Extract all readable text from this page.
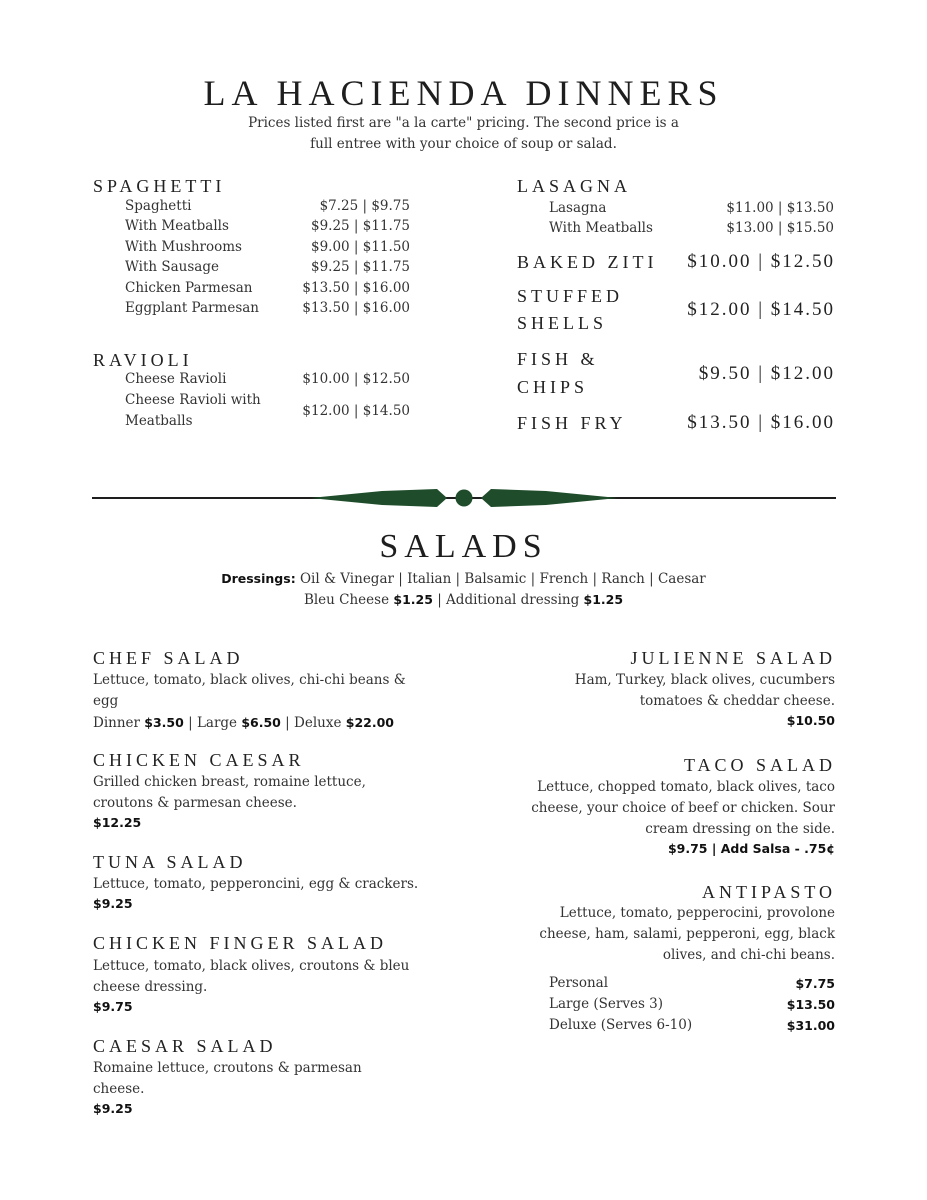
LA HACIENDA DINNERS
Prices listed first are "a la carte" pricing. The second price is a
full entree with your choice of soup or salad.
SPAGHETTI
Spaghetti	$7.25 | $9.75
With Meatballs	$9.25 | $11.75
With Mushrooms	$9.00 | $11.50
With Sausage	$9.25 | $11.75
Chicken Parmesan	$13.50 | $16.00
Eggplant Parmesan	$13.50 | $16.00
RAVIOLI
Cheese Ravioli	$10.00 | $12.50
Cheese Ravioli with
Meatballs
$12.00 | $14.50
LASAGNA
Lasagna	$11.00 | $13.50
With Meatballs	$13.00 | $15.50
BAKED ZITI	$10.00 | $12.50
STUFFED
SHELLS
$12.00 | $14.50
FISH &
CHIPS
$9.50 | $12.00
FISH FRY	$13.50 | $16.00
SALADS
Dressings: Oil & Vinegar | Italian | Balsamic | French | Ranch | Caesar
Bleu Cheese $1.25 | Additional dressing $1.25
CHEF SALAD
Lettuce, tomato, black olives, chi-chi beans &
egg
Dinner $3.50 | Large $6.50 | Deluxe $22.00
CHICKEN CAESAR
Grilled chicken breast, romaine lettuce,
croutons & parmesan cheese.
$12.25
TUNA SALAD
Lettuce, tomato, pepperoncini, egg & crackers.
$9.25
CHICKEN FINGER SALAD
Lettuce, tomato, black olives, croutons & bleu
cheese dressing.
$9.75
CAESAR SALAD
Romaine lettuce, croutons & parmesan
cheese.
$9.25
JULIENNE SALAD
Ham, Turkey, black olives, cucumbers
tomatoes & cheddar cheese.
$10.50
TACO SALAD
Lettuce, chopped tomato, black olives, taco
cheese, your choice of beef or chicken. Sour
cream dressing on the side.
$9.75 | Add Salsa - .75¢
ANTIPASTO
Lettuce, tomato, pepperocini, provolone
cheese, ham, salami, pepperoni, egg, black
olives, and chi-chi beans.
Personal	$7.75
Large (Serves 3)	$13.50
Deluxe (Serves 6-10)	$31.00
